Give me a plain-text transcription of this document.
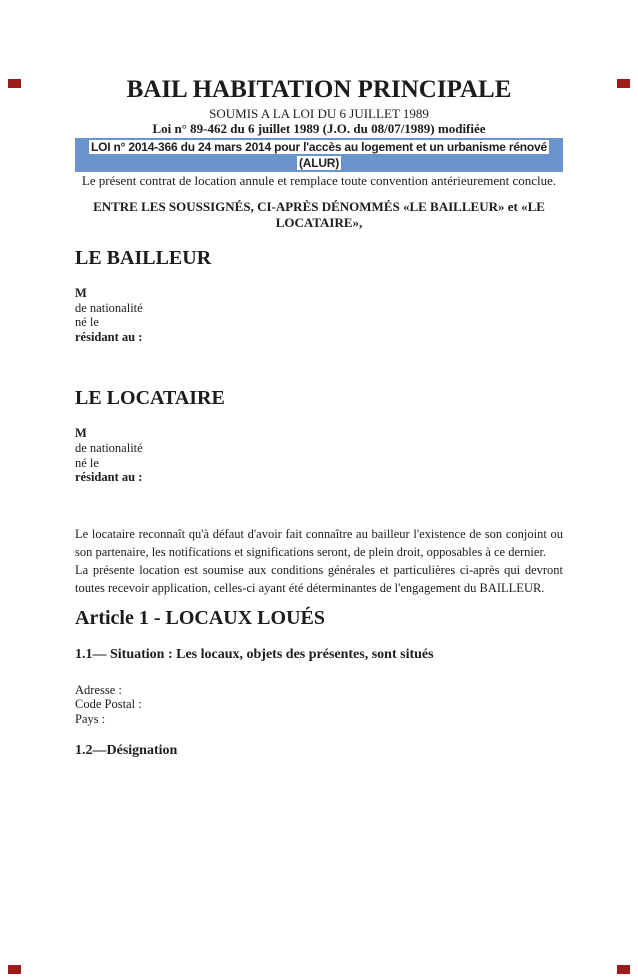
BAIL HABITATION PRINCIPALE
SOUMIS A LA LOI DU 6 JUILLET 1989
Loi n° 89-462 du 6 juillet 1989 (J.O. du 08/07/1989) modifiée
LOI n° 2014-366 du 24 mars 2014 pour l'accès au logement et un urbanisme rénové
(ALUR)
Le présent contrat de location annule et remplace toute convention antérieurement conclue.
ENTRE LES SOUSSIGNÉS, CI-APRÈS DÉNOMMÉS «LE BAILLEUR» et «LE LOCATAIRE»,
LE BAILLEUR
M
de nationalité
né le
résidant au :
LE LOCATAIRE
M
de nationalité
né le
résidant au :
Le locataire reconnaît qu'à défaut d'avoir fait connaître au bailleur l'existence de son conjoint ou son partenaire, les notifications et significations seront, de plein droit, opposables à ce dernier.
La présente location est soumise aux conditions générales et particulières ci-après qui devront toutes recevoir application, celles-ci ayant été déterminantes de l'engagement du BAILLEUR.
Article 1 - LOCAUX LOUÉS
1.1— Situation : Les locaux, objets des présentes, sont situés
Adresse :
Code Postal :
Pays :
1.2—Désignation
